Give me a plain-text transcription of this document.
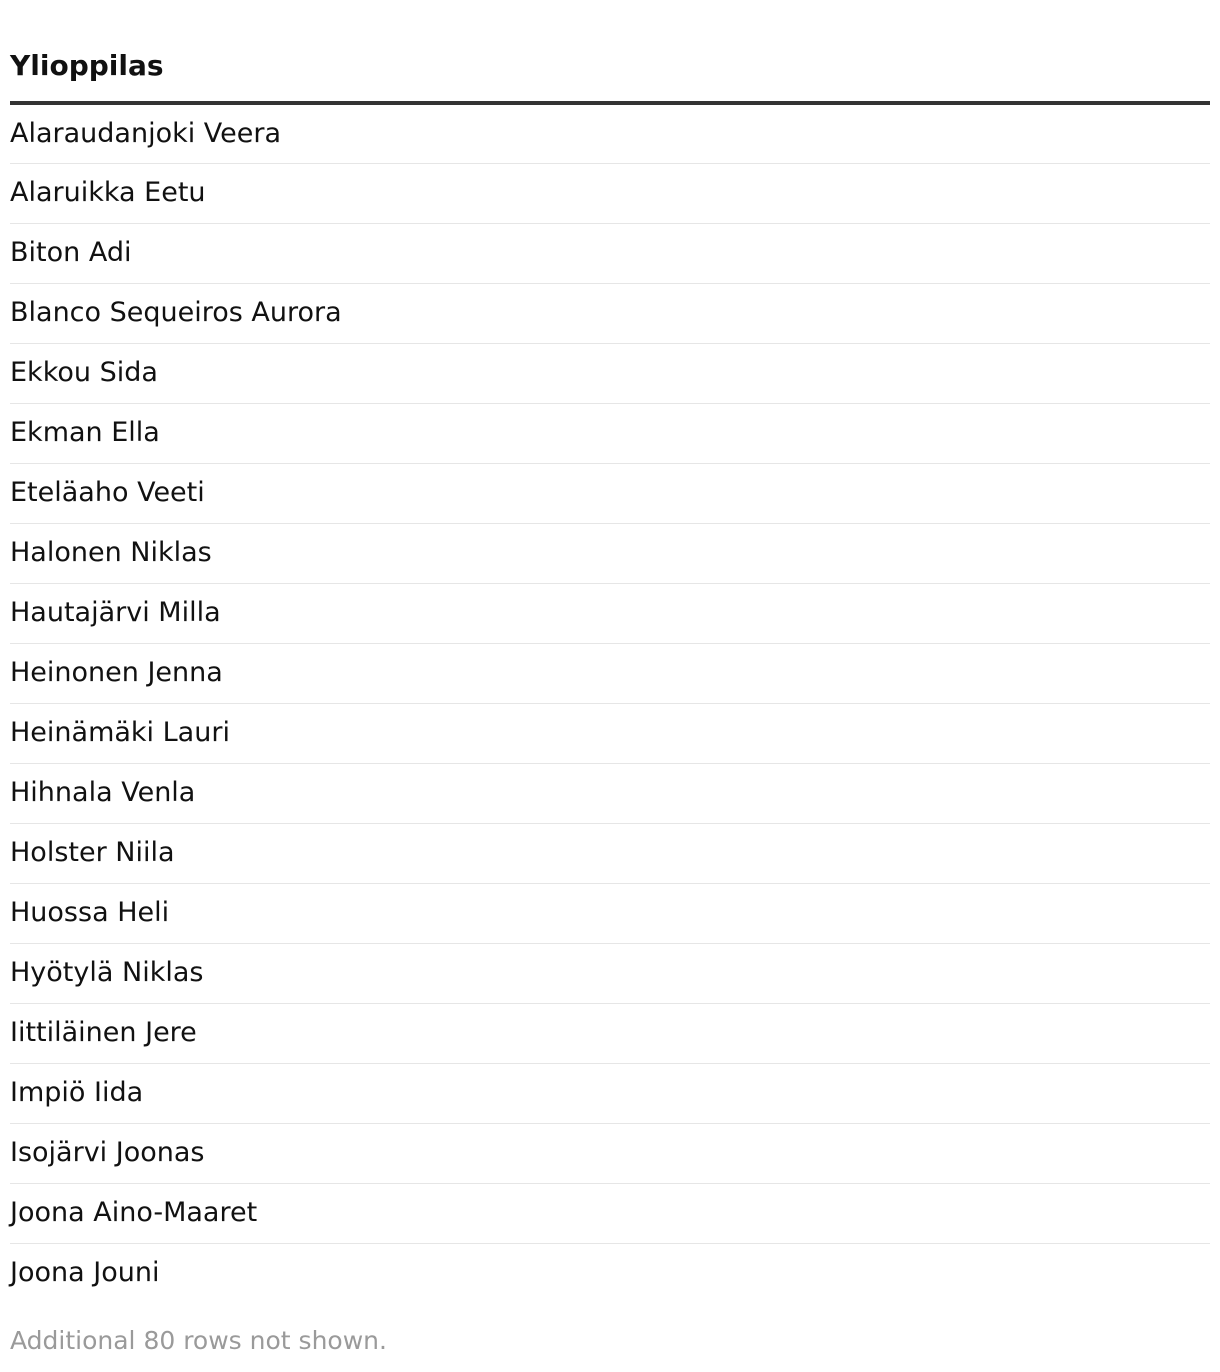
Ylioppilas
Alaraudanjoki Veera
Alaruikka Eetu
Biton Adi
Blanco Sequeiros Aurora
Ekkou Sida
Ekman Ella
Eteläaho Veeti
Halonen Niklas
Hautajärvi Milla
Heinonen Jenna
Heinämäki Lauri
Hihnala Venla
Holster Niila
Huossa Heli
Hyötylä Niklas
Iittiläinen Jere
Impiö Iida
Isojärvi Joonas
Joona Aino-Maaret
Joona Jouni
Additional 80 rows not shown.
